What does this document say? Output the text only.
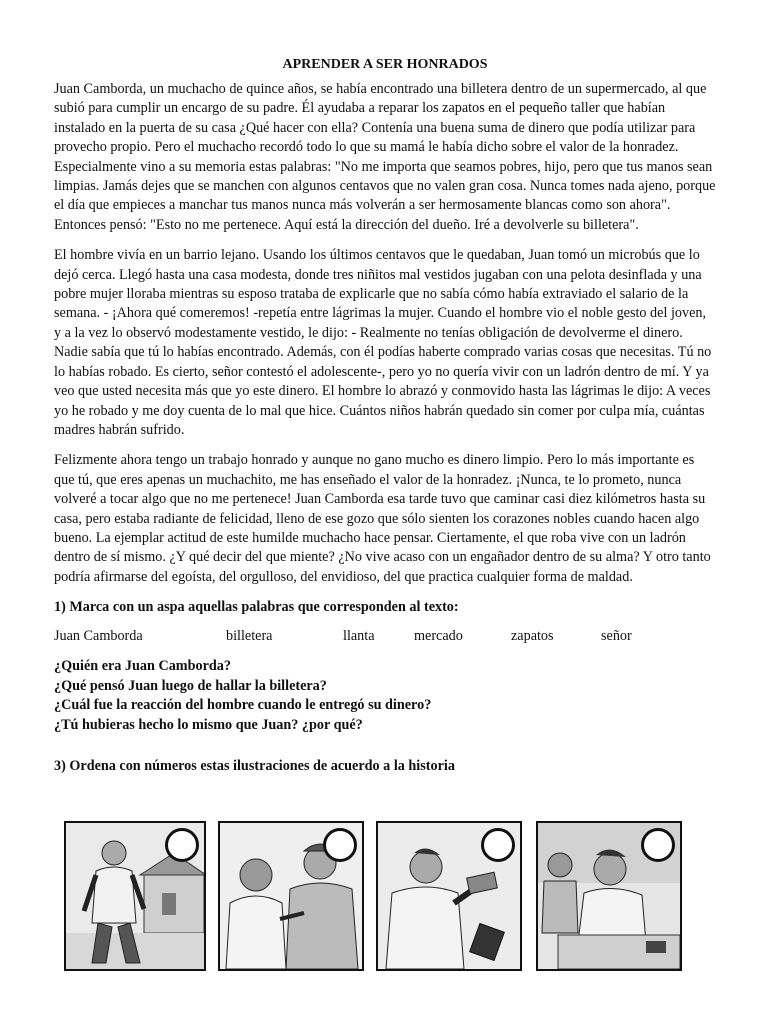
APRENDER A SER HONRADOS

Juan Camborda, un muchacho de quince años, se había encontrado una billetera dentro de un supermercado, al que subió para cumplir un encargo de su padre. Él ayudaba a reparar los zapatos en el pequeño taller que habían instalado en la puerta de su casa ¿Qué hacer con ella? Contenía una buena suma de dinero que podía utilizar para provecho propio. Pero el muchacho recordó todo lo que su mamá le había dicho sobre el valor de la honradez. Especialmente vino a su memoria estas palabras: "No me importa que seamos pobres, hijo, pero que tus manos sean limpias. Jamás dejes que se manchen con algunos centavos que no valen gran cosa. Nunca tomes nada ajeno, porque el día que empieces a manchar tus manos nunca más volverán a ser hermosamente blancas como son ahora". Entonces pensó: "Esto no me pertenece. Aquí está la dirección del dueño. Iré a devolverle su billetera".

El hombre vivía en un barrio lejano. Usando los últimos centavos que le quedaban, Juan tomó un microbús que lo dejó cerca. Llegó hasta una casa modesta, donde tres niñitos mal vestidos jugaban con una pelota desinflada y una pobre mujer lloraba mientras su esposo trataba de explicarle que no sabía cómo había extraviado el salario de la semana. - ¡Ahora qué comeremos! -repetía entre lágrimas la mujer. Cuando el hombre vio el noble gesto del joven, y a la vez lo observó modestamente vestido, le dijo: - Realmente no tenías obligación de devolverme el dinero. Nadie sabía que tú lo habías encontrado. Además, con él podías haberte comprado varias cosas que necesitas. Tú no lo habías robado. Es cierto, señor contestó el adolescente-, pero yo no quería vivir con un ladrón dentro de mí. Y ya veo que usted necesita más que yo este dinero. El hombre lo abrazó y conmovido hasta las lágrimas le dijo: A veces yo he robado y me doy cuenta de lo mal que hice. Cuántos niños habrán quedado sin comer por culpa mía, cuántas madres habrán sufrido.

Felizmente ahora tengo un trabajo honrado y aunque no gano mucho es dinero limpio. Pero lo más importante es que tú, que eres apenas un muchachito, me has enseñado el valor de la honradez. ¡Nunca, te lo prometo, nunca volveré a tocar algo que no me pertenece! Juan Camborda esa tarde tuvo que caminar casi diez kilómetros hasta su casa, pero estaba radiante de felicidad, lleno de ese gozo que sólo sienten los corazones nobles cuando hacen algo bueno. La ejemplar actitud de este humilde muchacho hace pensar. Ciertamente, el que roba vive con un ladrón dentro de sí mismo. ¿Y qué decir del que miente? ¿No vive acaso con un engañador dentro de su alma? Y otro tanto podría afirmarse del egoísta, del orgulloso, del envidioso, del que practica cualquier forma de maldad.

1) Marca con un aspa aquellas palabras que corresponden al texto:

Juan Camborda	billetera	llanta	mercado	zapatos	señor
¿Quién era Juan Camborda?
¿Qué pensó Juan luego de hallar la billetera?
¿Cuál fue la reacción del hombre cuando le entregó su dinero?
¿Tú hubieras hecho lo mismo que Juan? ¿por qué?

3) Ordena con números estas ilustraciones de acuerdo a la historia
